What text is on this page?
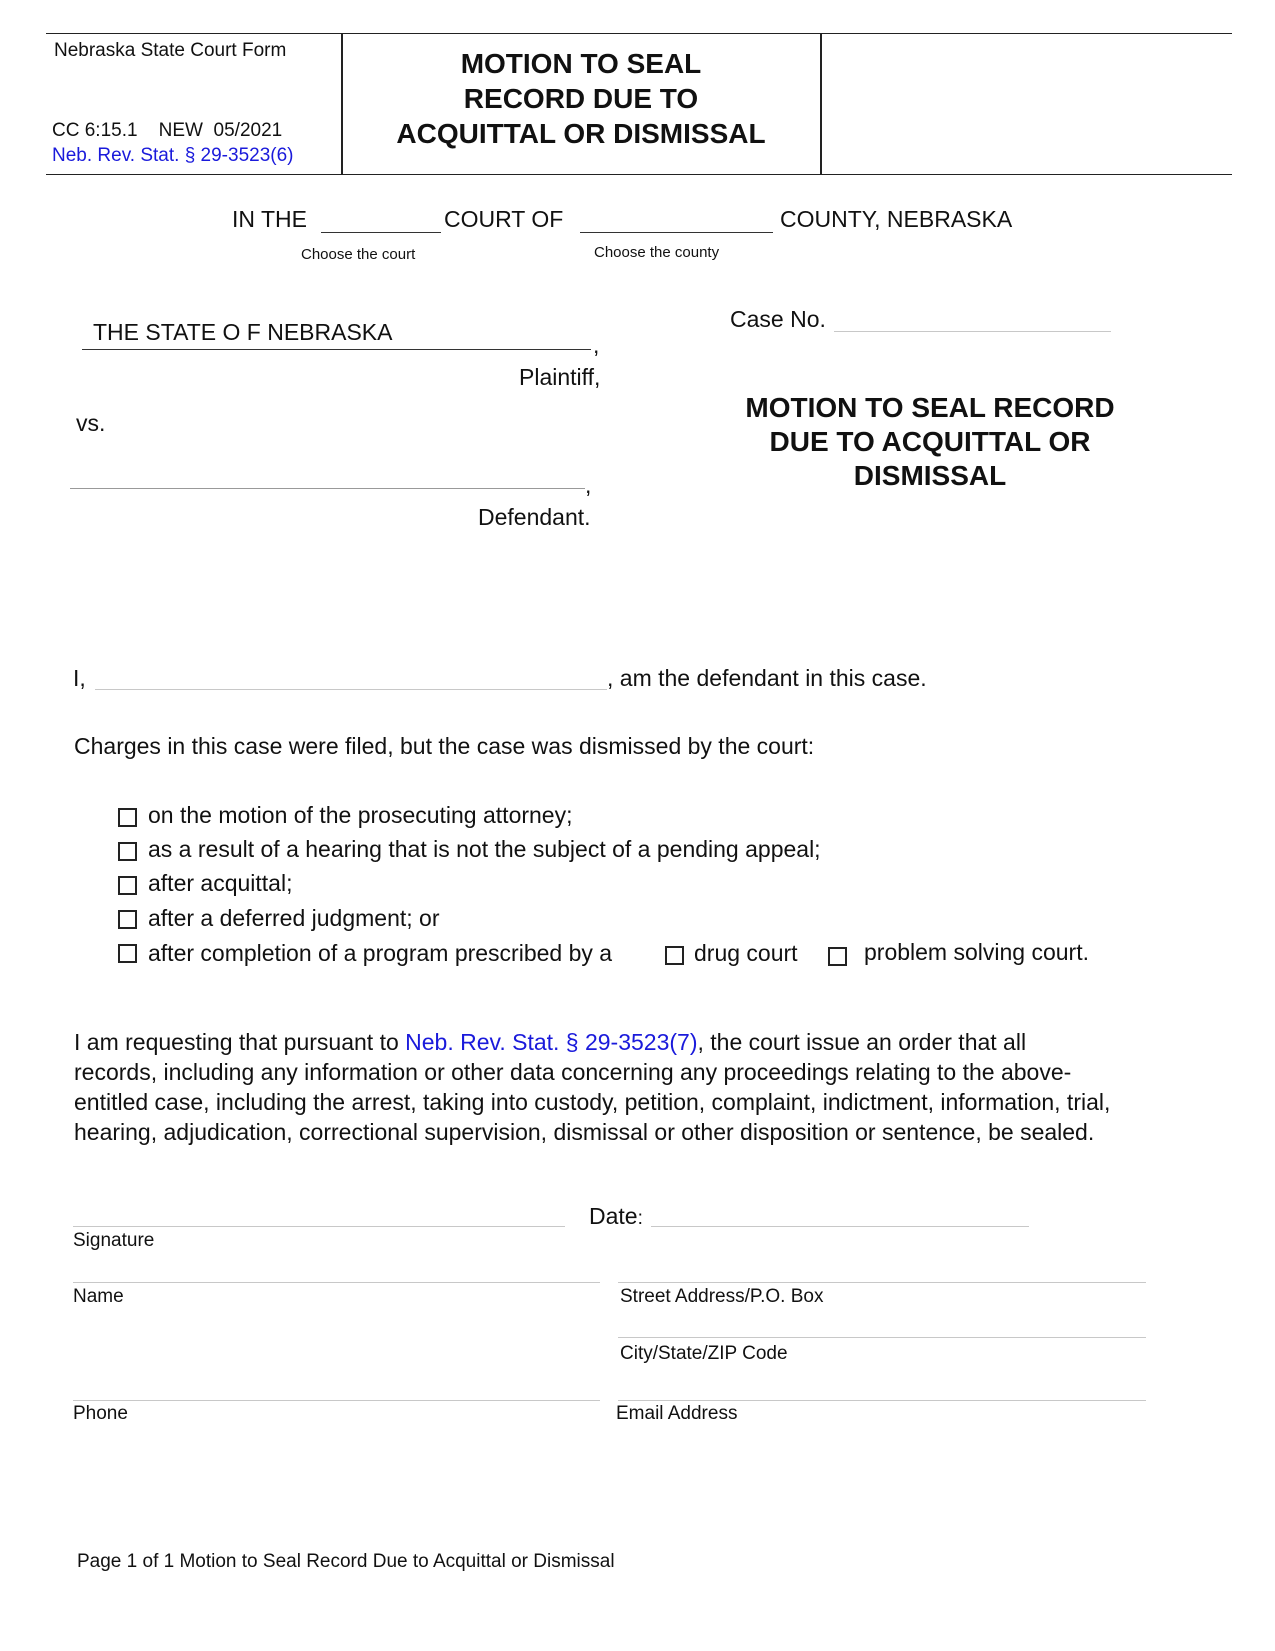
Nebraska State Court Form
CC 6:15.1    NEW  05/2021
Neb. Rev. Stat. § 29-3523(6)
MOTION TO SEAL
RECORD DUE TO
ACQUITTAL OR DISMISSAL
IN THE	COURT OF	COUNTY, NEBRASKA
Choose the court	Choose the county
THE STATE O F NEBRASKA	,
Plaintiff,
vs.
,
Defendant.
Case No.
MOTION TO SEAL RECORD
DUE TO ACQUITTAL OR
DISMISSAL
I,	, am the defendant in this case.
Charges in this case were filed, but the case was dismissed by the court:
on the motion of the prosecuting attorney;
as a result of a hearing that is not the subject of a pending appeal;
after acquittal;
after a deferred judgment; or
after completion of a program prescribed by a	drug court	problem solving court.
I am requesting that pursuant to Neb. Rev. Stat. § 29-3523(7), the court issue an order that all
records, including any information or other data concerning any proceedings relating to the above-
entitled case, including the arrest, taking into custody, petition, complaint, indictment, information, trial,
hearing, adjudication, correctional supervision, dismissal or other disposition or sentence, be sealed.
Date:
Signature
Name	Street Address/P.O. Box
City/State/ZIP Code
Phone	Email Address
Page 1 of 1 Motion to Seal Record Due to Acquittal or Dismissal
